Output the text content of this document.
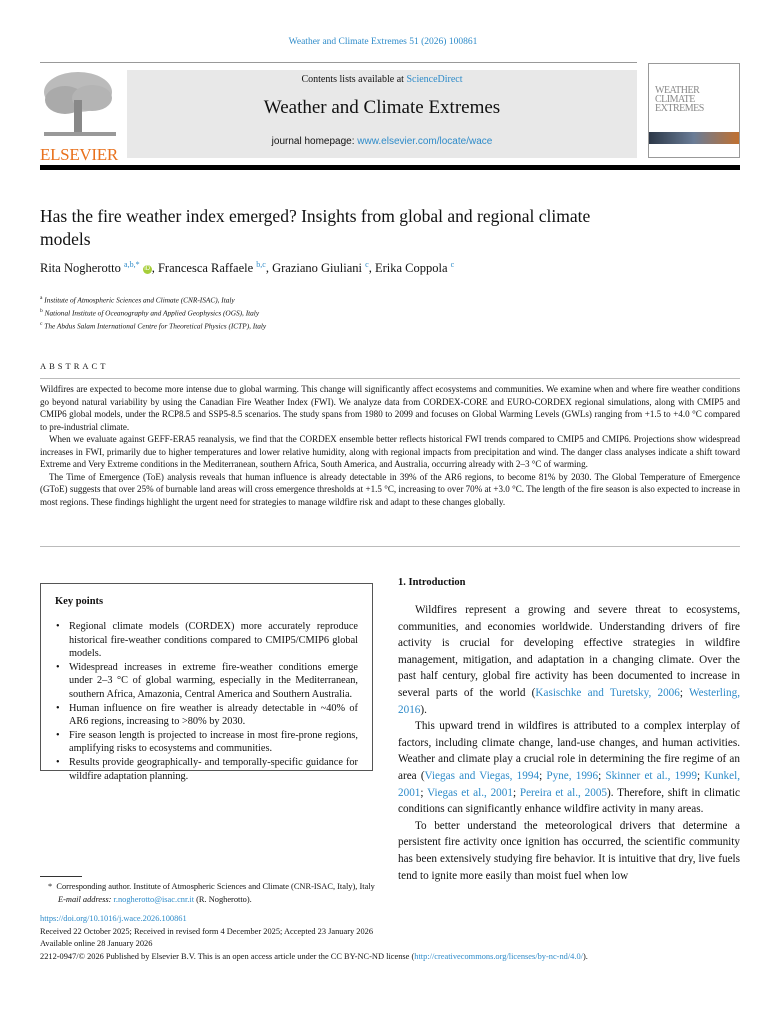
Weather and Climate Extremes 51 (2026) 100861
ELSEVIER
Contents lists available at ScienceDirect
Weather and Climate Extremes
journal homepage: www.elsevier.com/locate/wace
WEATHER CLIMATE EXTREMES
Has the fire weather index emerged? Insights from global and regional climate models
Rita Nogherotto $^{a,b,*}$ iD , Francesca Raffaele $^{b,c}$, Graziano Giuliani $^c$, Erika Coppola $^c$
$^a$ Institute of Atmospheric Sciences and Climate (CNR-ISAC), Italy
$^b$ National Institute of Oceanography and Applied Geophysics (OGS), Italy
$^c$ The Abdus Salam International Centre for Theoretical Physics (ICTP), Italy
ABSTRACT

Wildfires are expected to become more intense due to global warming. This change will significantly affect ecosystems and communities. We examine when and where fire weather conditions go beyond natural variability by using the Canadian Fire Weather Index (FWI). We analyze data from CORDEX-CORE and EURO-CORDEX regional simulations, along with CMIP5 and CMIP6 global models, under the RCP8.5 and SSP5-8.5 scenarios. The study spans from 1980 to 2099 and focuses on Global Warming Levels (GWLs) ranging from +1.5 to +4.0 °C compared to pre-industrial climate.

When we evaluate against GEFF-ERA5 reanalysis, we find that the CORDEX ensemble better reflects historical FWI trends compared to CMIP5 and CMIP6. Projections show widespread increases in FWI, primarily due to higher temperatures and lower relative humidity, along with regional impacts from precipitation and wind. The danger class analyses indicate a shift toward Extreme and Very Extreme conditions in the Mediterranean, southern Africa, South America, and Australia, occurring already with 2–3 °C of warming.

The Time of Emergence (ToE) analysis reveals that human influence is already detectable in 39% of the AR6 regions, to become 81% by 2030. The Global Temperature of Emergence (GToE) suggests that over 25% of burnable land areas will cross emergence thresholds at +1.5 °C, increasing to over 70% at +3.0 °C. The length of the fire season is also expected to increase in most regions. These findings highlight the urgent need for strategies to manage wildfire risk and adapt to these changes globally.

Key points
• Regional climate models (CORDEX) more accurately reproduce historical fire-weather conditions compared to CMIP5/CMIP6 global models.
• Widespread increases in extreme fire-weather conditions emerge under 2–3 °C of global warming, especially in the Mediterranean, southern Africa, Amazonia, Central America and Southern Australia.
• Human influence on fire weather is already detectable in ~40% of AR6 regions, increasing to >80% by 2030.
• Fire season length is projected to increase in most fire-prone regions, amplifying risks to ecosystems and communities.
• Results provide geographically- and temporally-specific guidance for wildfire adaptation planning.
1. Introduction

Wildfires represent a growing and severe threat to ecosystems, communities, and economies worldwide. Understanding drivers of fire activity is crucial for developing effective strategies in wildfire management, mitigation, and adaptation in a changing climate. Over the past half century, global fire activity has been documented to increase in several parts of the world (Kasischke and Turetsky, 2006; Westerling, 2016).

This upward trend in wildfires is attributed to a complex interplay of factors, including climate change, land-use changes, and human activities. Weather and climate play a crucial role in determining the fire regime of an area (Viegas and Viegas, 1994; Pyne, 1996; Skinner et al., 1999; Kunkel, 2001; Viegas et al., 2001; Pereira et al., 2005). Therefore, shift in climatic conditions can significantly enhance wildfire activity in many areas.

To better understand the meteorological drivers that determine a persistent fire activity once ignition has occurred, the scientific community has been extensively studying fire behavior. It is intuitive that dry, live fuels tend to ignite more easily than moist fuel when low

* Corresponding author. Institute of Atmospheric Sciences and Climate (CNR-ISAC, Italy), Italy
E-mail address: r.nogherotto@isac.cnr.it (R. Nogherotto).
https://doi.org/10.1016/j.wace.2026.100861
Received 22 October 2025; Received in revised form 4 December 2025; Accepted 23 January 2026
Available online 28 January 2026
2212-0947/© 2026 Published by Elsevier B.V. This is an open access article under the CC BY-NC-ND license (http://creativecommons.org/licenses/by-nc-nd/4.0/).
